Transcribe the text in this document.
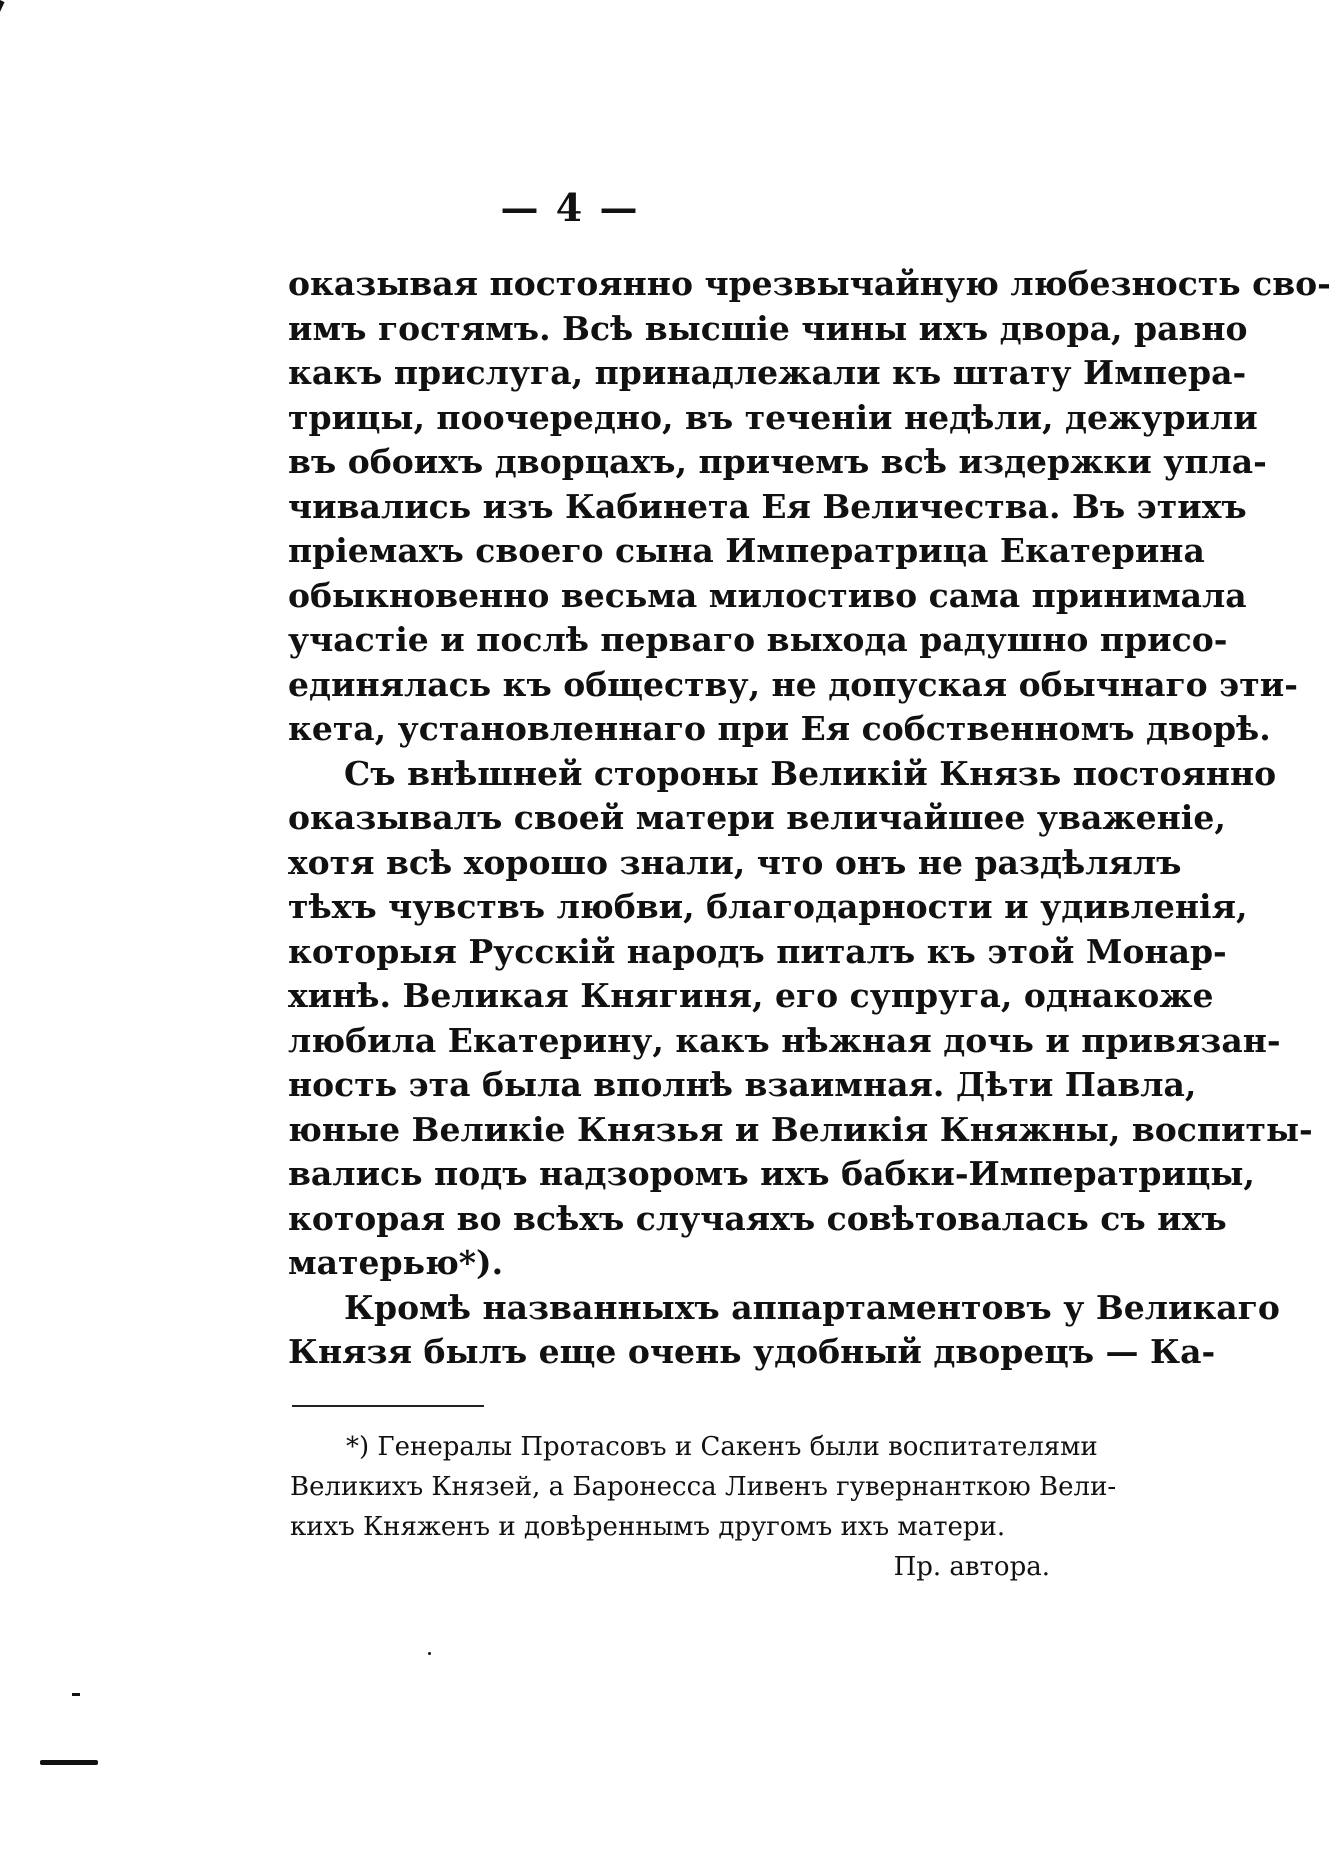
— 4 —
оказывая постоянно чрезвычайную любезность сво-
имъ гостямъ. Всѣ высшіе чины ихъ двора, равно
какъ прислуга, принадлежали къ штату Импера-
трицы, поочередно, въ теченіи недѣли, дежурили
въ обоихъ дворцахъ, причемъ всѣ издержки упла-
чивались изъ Кабинета Ея Величества. Въ этихъ
пріемахъ своего сына Императрица Екатерина
обыкновенно весьма милостиво сама принимала
участіе и послѣ перваго выхода радушно присо-
единялась къ обществу, не допуская обычнаго эти-
кета, установленнаго при Ея собственномъ дворѣ.
Съ внѣшней стороны Великій Князь постоянно
оказывалъ своей матери величайшее уваженіе,
хотя всѣ хорошо знали, что онъ не раздѣлялъ
тѣхъ чувствъ любви, благодарности и удивленія,
которыя Русскій народъ питалъ къ этой Монар-
хинѣ. Великая Княгиня, его супруга, однакоже
любила Екатерину, какъ нѣжная дочь и привязан-
ность эта была вполнѣ взаимная. Дѣти Павла,
юные Великіе Князья и Великія Княжны, воспиты-
вались подъ надзоромъ ихъ бабки-Императрицы,
которая во всѣхъ случаяхъ совѣтовалась съ ихъ
матерью*).
Кромѣ названныхъ аппартаментовъ у Великаго
Князя былъ еще очень удобный дворецъ — Ка-
*) Генералы Протасовъ и Сакенъ были воспитателями
Великихъ Князей, а Баронесса Ливенъ гувернанткою Вели-
кихъ Княженъ и довѣреннымъ другомъ ихъ матери.
Пр. автора.
